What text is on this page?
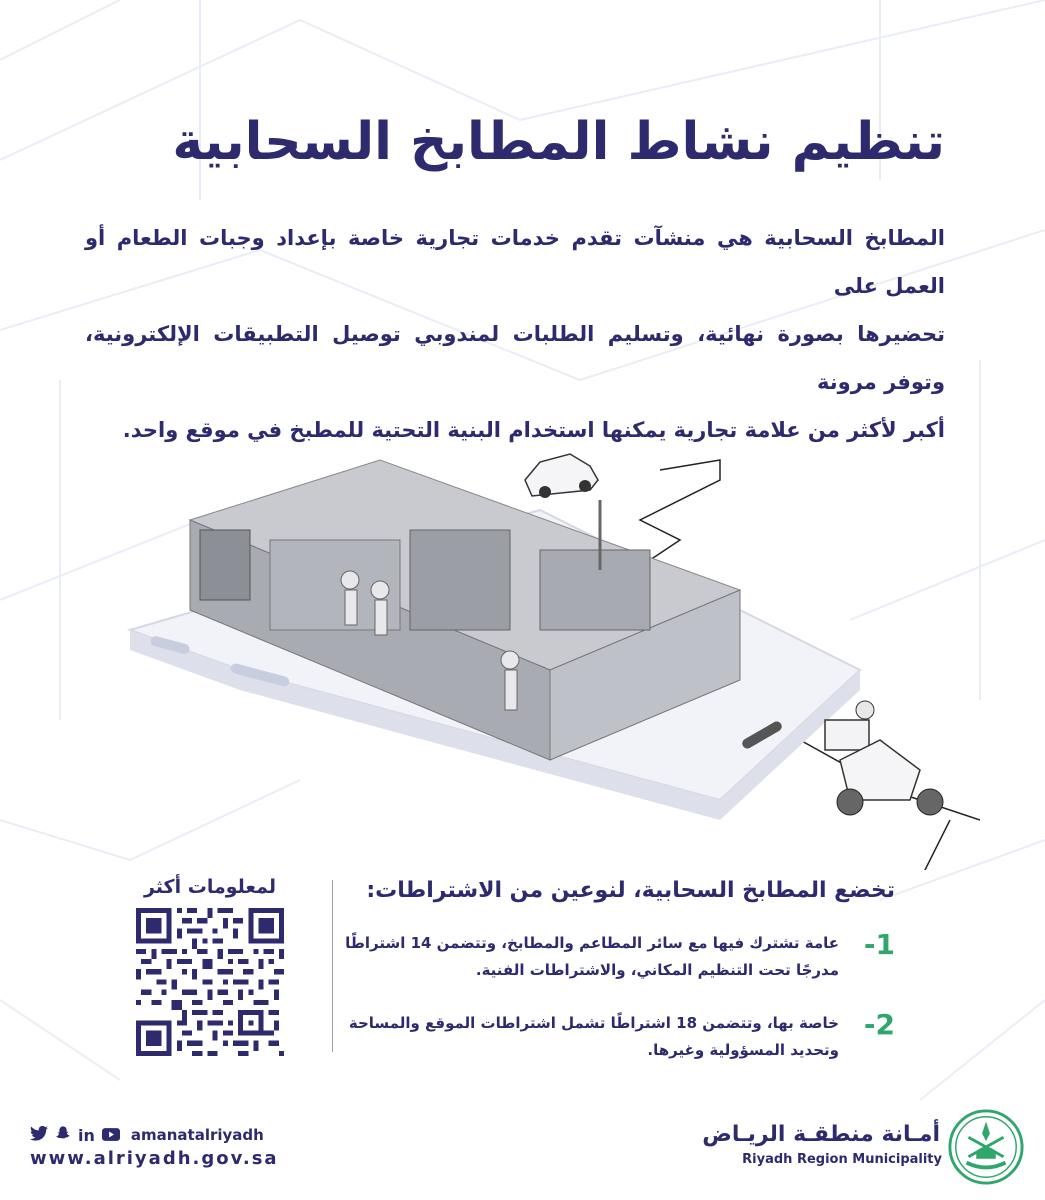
تنظيم نشاط المطابخ السحابية
المطابخ السحابية هي منشآت تقدم خدمات تجارية خاصة بإعداد وجبات الطعام أو العمل على
تحضيرها بصورة نهائية، وتسليم الطلبات لمندوبي توصيل التطبيقات الإلكترونية، وتوفر مرونة
أكبر لأكثر من علامة تجارية يمكنها استخدام البنية التحتية للمطبخ في موقع واحد.
لمعلومات أكثر	تخضع المطابخ السحابية، لنوعين من الاشتراطات:
1-
عامة تشترك فيها مع سائر المطاعم والمطابخ، وتتضمن 14 اشتراطًا
مدرجًا تحت التنظيم المكاني، والاشتراطات الفنية.
2-
خاصة بها، وتتضمن 18 اشتراطًا تشمل اشتراطات الموقع والمساحة
وتحديد المسؤولية وغيرها.
in amanatalriyadh
www.alriyadh.gov.sa
أمـانة منطقـة الريـاض
Riyadh Region Municipality
